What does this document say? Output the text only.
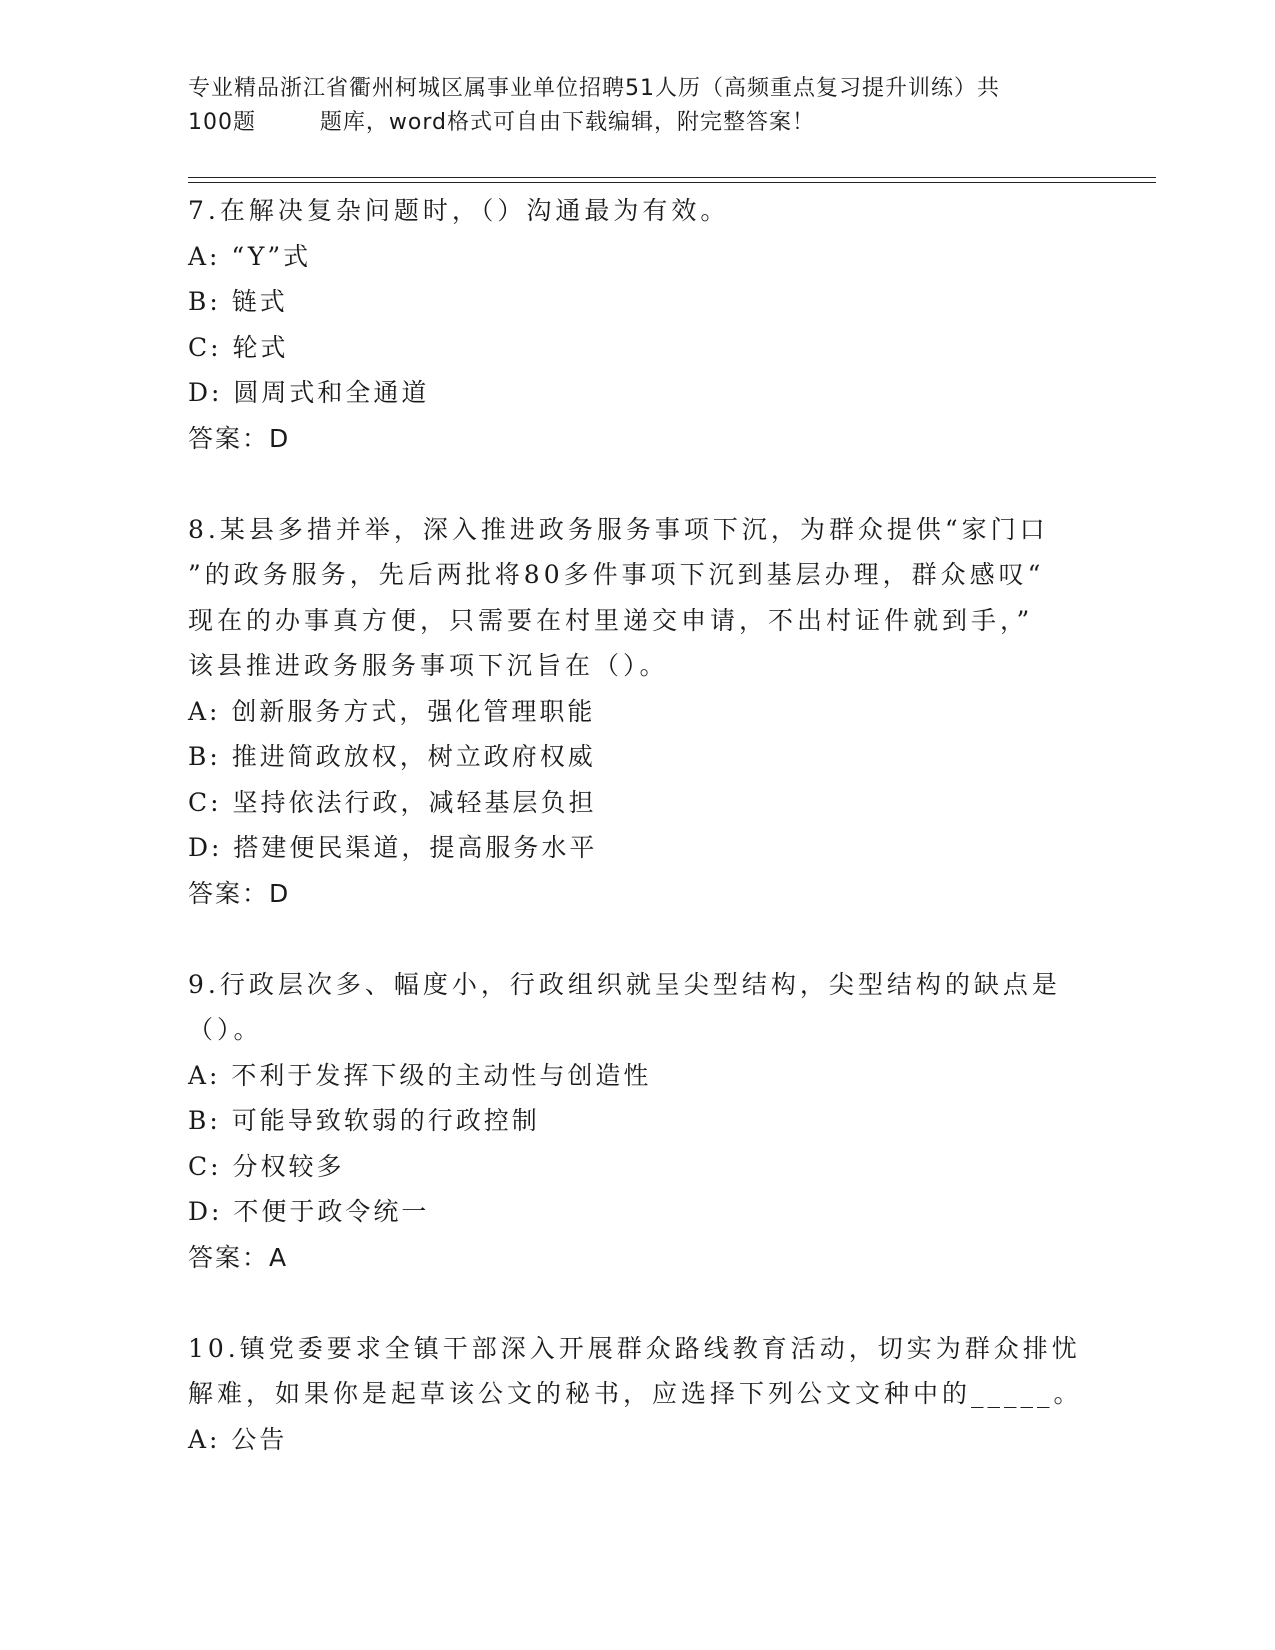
专业精品浙江省衢州柯城区属事业单位招聘51人历（高频重点复习提升训练）共
100题        题库，word格式可自由下载编辑，附完整答案！

7.在解决复杂问题时，（）沟通最为有效。

A: “Y”式

B: 链式

C: 轮式

D: 圆周式和全通道

答案：D

8.某县多措并举，深入推进政务服务事项下沉，为群众提供“家门口

”的政务服务，先后两批将80多件事项下沉到基层办理，群众感叹“

现在的办事真方便，只需要在村里递交申请，不出村证件就到手，”

该县推进政务服务事项下沉旨在（）。

A: 创新服务方式，强化管理职能

B: 推进简政放权，树立政府权威

C: 坚持依法行政，减轻基层负担

D: 搭建便民渠道，提高服务水平

答案：D

9.行政层次多、幅度小，行政组织就呈尖型结构，尖型结构的缺点是

（）。

A: 不利于发挥下级的主动性与创造性

B: 可能导致软弱的行政控制

C: 分权较多

D: 不便于政令统一

答案：A

10.镇党委要求全镇干部深入开展群众路线教育活动，切实为群众排忧

解难，如果你是起草该公文的秘书，应选择下列公文文种中的_____。

A: 公告
